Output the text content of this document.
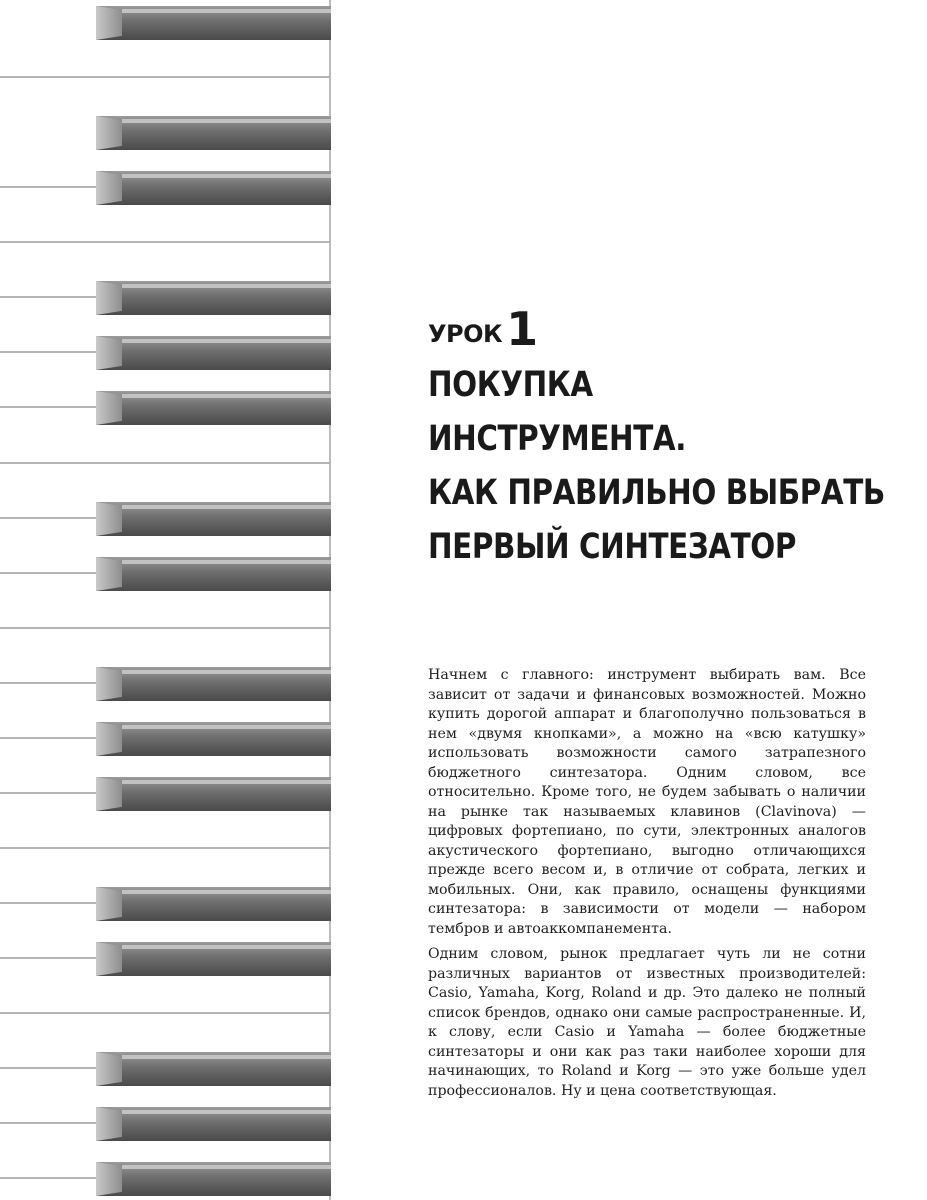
УРОК1
ПОКУПКА
ИНСТРУМЕНТА.
КАК ПРАВИЛЬНО ВЫБРАТЬ
ПЕРВЫЙ СИНТЕЗАТОР

Начнем с главного: инструмент выбирать вам. Все зависит от задачи и финансовых возможностей. Можно купить дорогой аппарат и благополучно пользоваться в нем «двумя кнопками», а можно на «всю катушку» использовать возможности самого затрапезного бюджетного синтезатора. Одним словом, все относительно. Кроме того, не будем забывать о наличии на рынке так называемых клавинов (Clavinova) — цифровых фортепиано, по сути, электронных аналогов акустического фортепиано, выгодно отличающихся прежде всего весом и, в отличие от собрата, легких и мобильных. Они, как правило, оснащены функциями синтезатора: в зависимости от модели — набором тембров и автоаккомпанемента.

Одним словом, рынок предлагает чуть ли не сотни различных вариантов от известных производителей: Casio, Yamaha, Korg, Roland и др. Это далеко не полный список брендов, однако они самые распространенные. И, к слову, если Casio и Yamaha — более бюджетные синтезаторы и они как раз таки наиболее хороши для начинающих, то Roland и Korg — это уже больше удел профессионалов. Ну и цена соответствующая.
